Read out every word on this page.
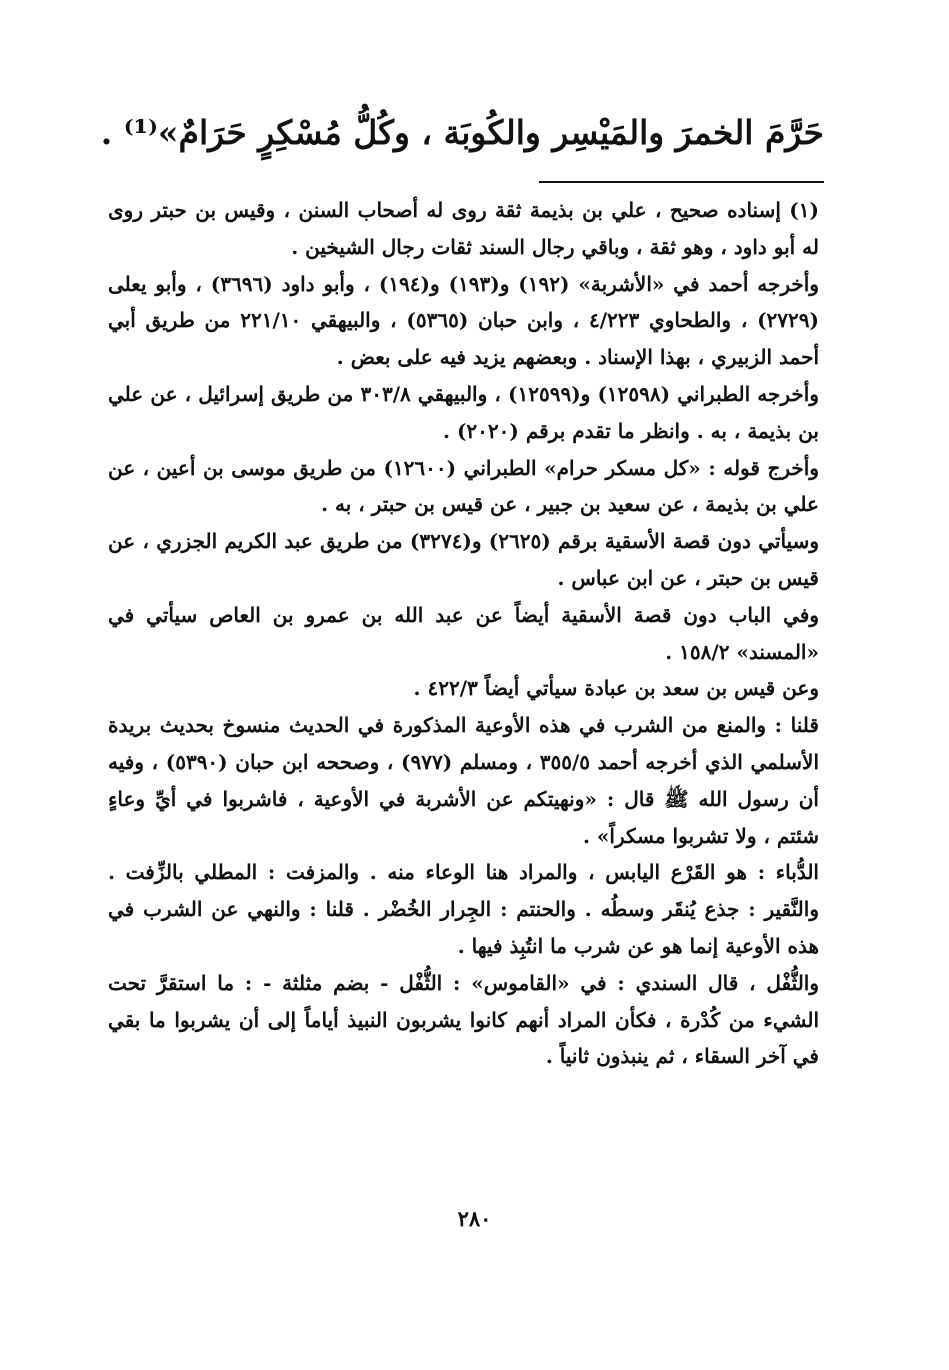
حَرَّمَ الخمرَ والمَيْسِر والكُوبَة ، وكُلُّ مُسْكِرٍ حَرَامٌ»⁽¹⁾ .

(١) إسناده صحيح ، علي بن بذيمة ثقة روى له أصحاب السنن ، وقيس بن حبتر روى له أبو داود ، وهو ثقة ، وباقي رجال السند ثقات رجال الشيخين .

وأخرجه أحمد في «الأشربة» (١٩٢) و(١٩٣) و(١٩٤) ، وأبو داود (٣٦٩٦) ، وأبو يعلى (٢٧٢٩) ، والطحاوي ٤/٢٢٣ ، وابن حبان (٥٣٦٥) ، والبيهقي ٢٢١/١٠ من طريق أبي أحمد الزبيري ، بهذا الإسناد . وبعضهم يزيد فيه على بعض .

وأخرجه الطبراني (١٢٥٩٨) و(١٢٥٩٩) ، والبيهقي ٣٠٣/٨ من طريق إسرائيل ، عن علي بن بذيمة ، به . وانظر ما تقدم برقم (٢٠٢٠) .

وأخرج قوله : «كل مسكر حرام» الطبراني (١٢٦٠٠) من طريق موسى بن أعين ، عن علي بن بذيمة ، عن سعيد بن جبير ، عن قيس بن حبتر ، به .

وسيأتي دون قصة الأسقية برقم (٢٦٢٥) و(٣٢٧٤) من طريق عبد الكريم الجزري ، عن قيس بن حبتر ، عن ابن عباس .

وفي الباب دون قصة الأسقية أيضاً عن عبد الله بن عمرو بن العاص سيأتي في «المسند» ١٥٨/٢ .

وعن قيس بن سعد بن عبادة سيأتي أيضاً ٤٢٢/٣ .

قلنا : والمنع من الشرب في هذه الأوعية المذكورة في الحديث منسوخ بحديث بريدة الأسلمي الذي أخرجه أحمد ٣٥٥/٥ ، ومسلم (٩٧٧) ، وصححه ابن حبان (٥٣٩٠) ، وفيه أن رسول الله ﷺ قال : «ونهيتكم عن الأشربة في الأوعية ، فاشربوا في أيِّ وعاءٍ شئتم ، ولا تشربوا مسكراً» .

الدُّباء : هو القَرْع اليابس ، والمراد هنا الوعاء منه . والمزفت : المطلي بالزِّفت . والنَّقير : جذع يُنقَر وسطُه . والحنتم : الجِرار الخُضْر . قلنا : والنهي عن الشرب في هذه الأوعية إنما هو عن شرب ما انتُبِذ فيها .

والثُّفْل ، قال السندي : في «القاموس» : الثُّفْل - بضم مثلثة - : ما استقرَّ تحت الشيء من كُدْرة ، فكأن المراد أنهم كانوا يشربون النبيذ أياماً إلى أن يشربوا ما بقي في آخر السقاء ، ثم ينبذون ثانياً .

٢٨٠
